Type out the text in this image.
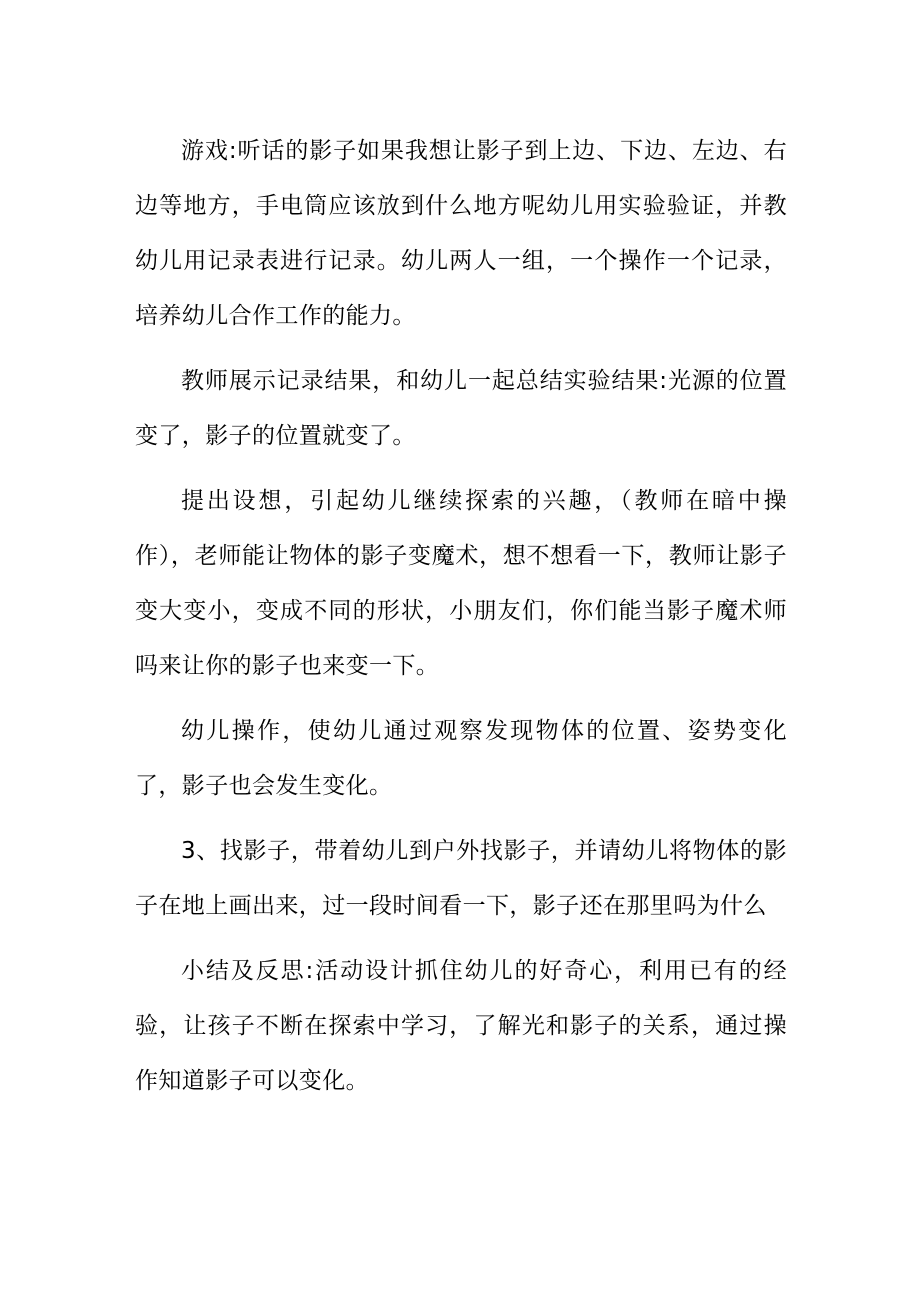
游戏:听话的影子如果我想让影子到上边、下边、左边、右边等地方，手电筒应该放到什么地方呢幼儿用实验验证，并教幼儿用记录表进行记录。幼儿两人一组，一个操作一个记录，培养幼儿合作工作的能力。

教师展示记录结果，和幼儿一起总结实验结果:光源的位置变了，影子的位置就变了。

提出设想，引起幼儿继续探索的兴趣，（教师在暗中操作），老师能让物体的影子变魔术，想不想看一下，教师让影子变大变小，变成不同的形状，小朋友们，你们能当影子魔术师吗来让你的影子也来变一下。

幼儿操作，使幼儿通过观察发现物体的位置、姿势变化了，影子也会发生变化。

3、找影子，带着幼儿到户外找影子，并请幼儿将物体的影子在地上画出来，过一段时间看一下，影子还在那里吗为什么

小结及反思:活动设计抓住幼儿的好奇心，利用已有的经验，让孩子不断在探索中学习，了解光和影子的关系，通过操作知道影子可以变化。
